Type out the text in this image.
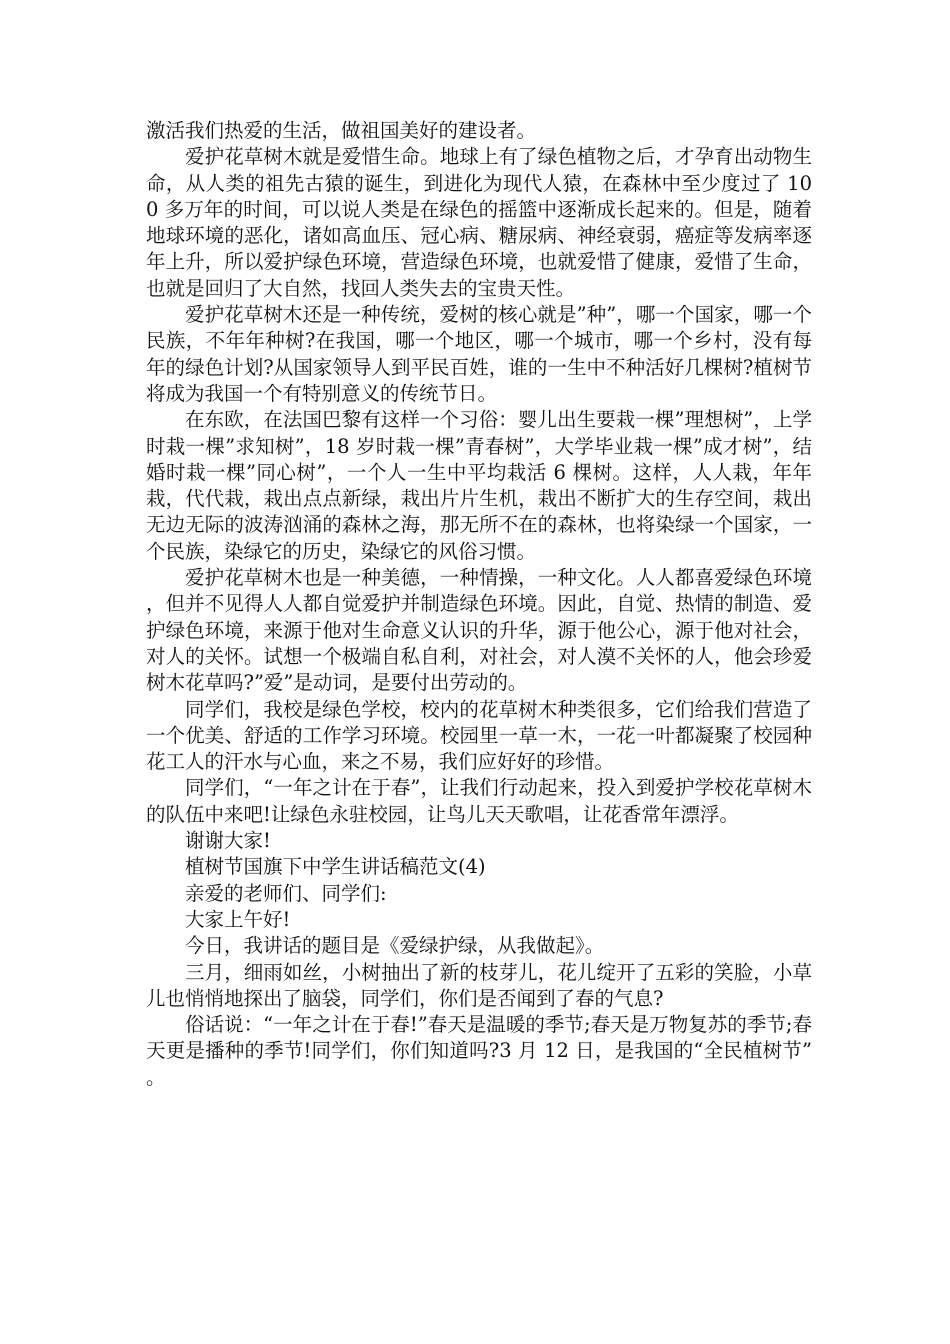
激活我们热爱的生活，做祖国美好的建设者。

爱护花草树木就是爱惜生命。地球上有了绿色植物之后，才孕育出动物生命，从人类的祖先古猿的诞生，到进化为现代人猿，在森林中至少度过了 100 多万年的时间，可以说人类是在绿色的摇篮中逐渐成长起来的。但是，随着地球环境的恶化，诸如高血压、冠心病、糖尿病、神经衰弱，癌症等发病率逐年上升，所以爱护绿色环境，营造绿色环境，也就爱惜了健康，爱惜了生命，也就是回归了大自然，找回人类失去的宝贵天性。

爱护花草树木还是一种传统，爱树的核心就是”种”，哪一个国家，哪一个民族，不年年种树?在我国，哪一个地区，哪一个城市，哪一个乡村，没有每年的绿色计划?从国家领导人到平民百姓，谁的一生中不种活好几棵树?植树节将成为我国一个有特别意义的传统节日。

在东欧，在法国巴黎有这样一个习俗：婴儿出生要栽一棵”理想树”，上学时栽一棵”求知树”，18 岁时栽一棵”青春树”，大学毕业栽一棵”成才树”，结婚时栽一棵”同心树”，一个人一生中平均栽活 6 棵树。这样，人人栽，年年栽，代代栽，栽出点点新绿，栽出片片生机，栽出不断扩大的生存空间，栽出无边无际的波涛汹涌的森林之海，那无所不在的森林，也将染绿一个国家，一个民族，染绿它的历史，染绿它的风俗习惯。

爱护花草树木也是一种美德，一种情操，一种文化。人人都喜爱绿色环境，但并不见得人人都自觉爱护并制造绿色环境。因此，自觉、热情的制造、爱护绿色环境，来源于他对生命意义认识的升华，源于他公心，源于他对社会，对人的关怀。试想一个极端自私自利，对社会，对人漠不关怀的人，他会珍爱树木花草吗?”爱”是动词，是要付出劳动的。

同学们，我校是绿色学校，校内的花草树木种类很多，它们给我们营造了一个优美、舒适的工作学习环境。校园里一草一木，一花一叶都凝聚了校园种花工人的汗水与心血，来之不易，我们应好好的珍惜。

同学们，“一年之计在于春”，让我们行动起来，投入到爱护学校花草树木的队伍中来吧!让绿色永驻校园，让鸟儿天天歌唱，让花香常年漂浮。

谢谢大家!

植树节国旗下中学生讲话稿范文(4)

亲爱的老师们、同学们:

大家上午好!

今日，我讲话的题目是《爱绿护绿，从我做起》。

三月，细雨如丝，小树抽出了新的枝芽儿，花儿绽开了五彩的笑脸，小草儿也悄悄地探出了脑袋，同学们，你们是否闻到了春的气息?

俗话说：“一年之计在于春!”春天是温暖的季节;春天是万物复苏的季节;春天更是播种的季节!同学们，你们知道吗?3 月 12 日，是我国的“全民植树节”。
